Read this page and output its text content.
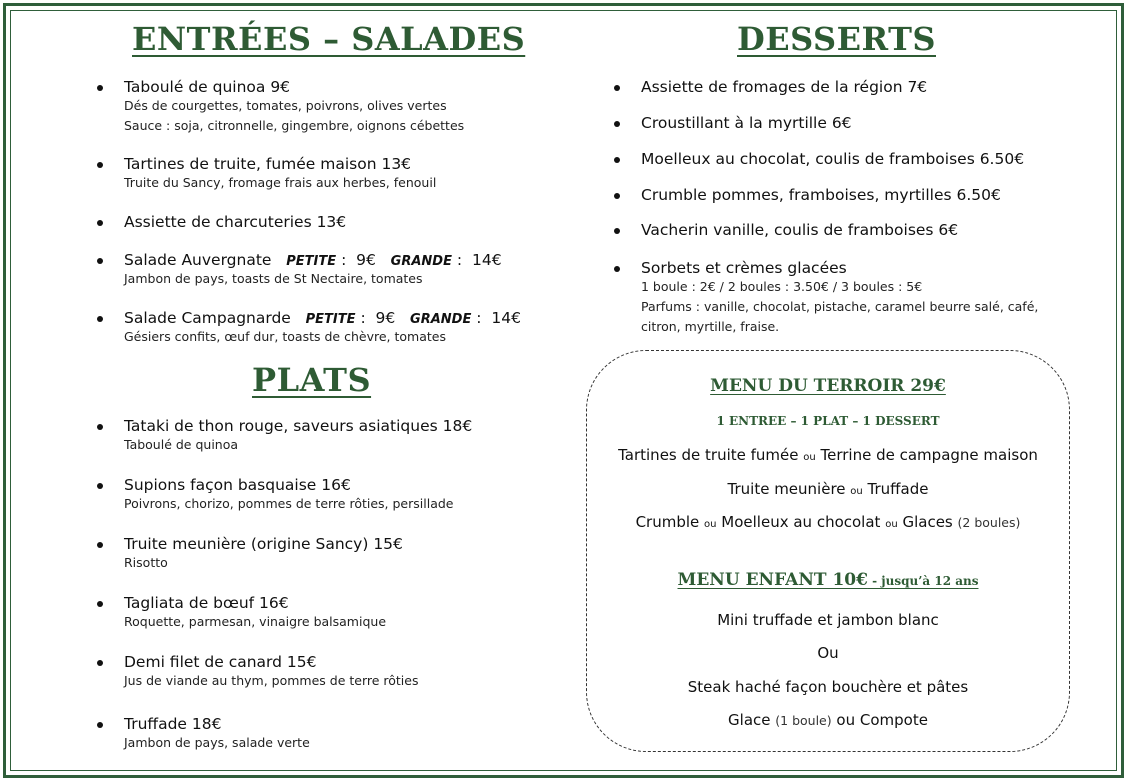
ENTRÉES – SALADES
Taboulé de quinoa 9€
Dés de courgettes, tomates, poivrons, olives vertes
Sauce : soja, citronnelle, gingembre, oignons cébettes
Tartines de truite, fumée maison 13€
Truite du Sancy, fromage frais aux herbes, fenouil
Assiette de charcuteries 13€
Salade Auvergnate PETITE :  9€ GRANDE :  14€
Jambon de pays, toasts de St Nectaire, tomates
Salade Campagnarde PETITE :  9€ GRANDE :  14€
Gésiers confits, œuf dur, toasts de chèvre, tomates
PLATS
Tataki de thon rouge, saveurs asiatiques 18€
Taboulé de quinoa
Supions façon basquaise 16€
Poivrons, chorizo, pommes de terre rôties, persillade
Truite meunière (origine Sancy) 15€
Risotto
Tagliata de bœuf 16€
Roquette, parmesan, vinaigre balsamique
Demi filet de canard 15€
Jus de viande au thym, pommes de terre rôties
Truffade 18€
Jambon de pays, salade verte
DESSERTS
Assiette de fromages de la région 7€
Croustillant à la myrtille 6€
Moelleux au chocolat, coulis de framboises 6.50€
Crumble pommes, framboises, myrtilles 6.50€
Vacherin vanille, coulis de framboises 6€
Sorbets et crèmes glacées
1 boule : 2€ / 2 boules : 3.50€ / 3 boules : 5€
Parfums : vanille, chocolat, pistache, caramel beurre salé, café,
citron, myrtille, fraise.
MENU DU TERROIR 29€
1 ENTREE – 1 PLAT – 1 DESSERT
Tartines de truite fumée ou Terrine de campagne maison
Truite meunière ou Truffade
Crumble ou Moelleux au chocolat ou Glaces (2 boules)
MENU ENFANT 10€ - jusqu’à 12 ans
Mini truffade et jambon blanc
Ou
Steak haché façon bouchère et pâtes
Glace (1 boule) ou Compote
